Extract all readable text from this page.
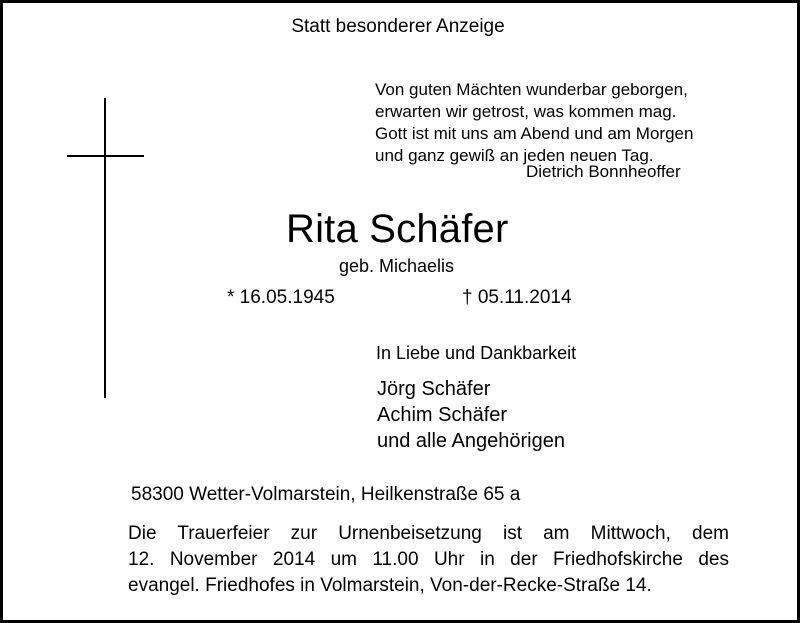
Statt besonderer Anzeige
Von guten Mächten wunderbar geborgen,
erwarten wir getrost, was kommen mag.
Gott ist mit uns am Abend und am Morgen
und ganz gewiß an jeden neuen Tag.
Dietrich Bonnheoffer
Rita Schäfer
geb. Michaelis
* 16.05.1945	† 05.11.2014
In Liebe und Dankbarkeit
Jörg Schäfer
Achim Schäfer
und alle Angehörigen
58300 Wetter-Volmarstein, Heilkenstraße 65 a
Die Trauerfeier zur Urnenbeisetzung ist am Mittwoch, dem
12. November 2014 um 11.00 Uhr in der Friedhofskirche des
evangel. Friedhofes in Volmarstein, Von-der-Recke-Straße 14.
